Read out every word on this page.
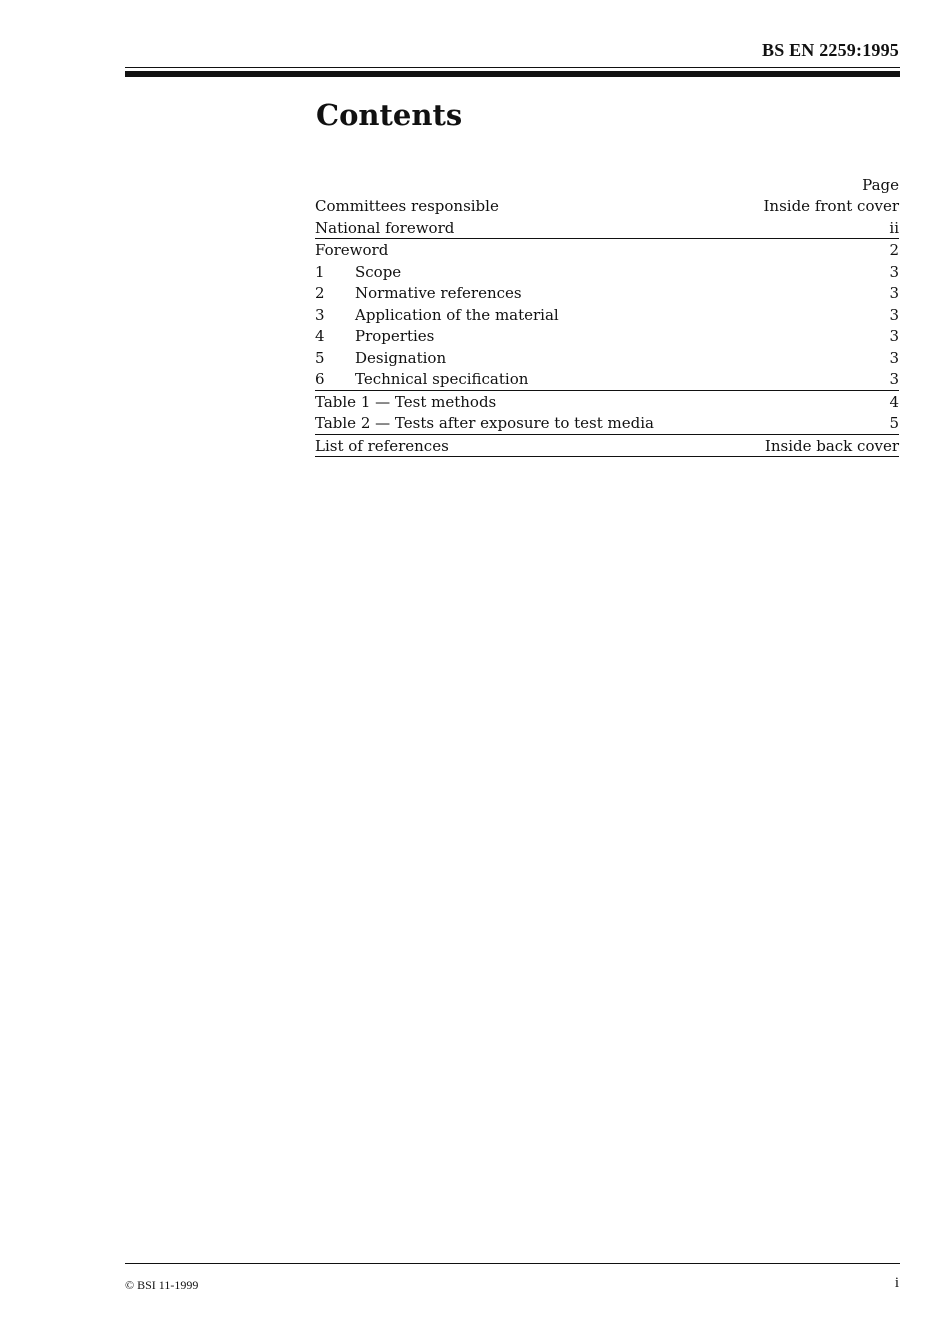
BS EN 2259:1995
Contents
Page
Committees responsible	Inside front cover
National foreword	ii
Foreword	2
1	Scope	3
2	Normative references	3
3	Application of the material	3
4	Properties	3
5	Designation	3
6	Technical specification	3
Table 1 — Test methods	4
Table 2 — Tests after exposure to test media	5
List of references	Inside back cover
© BSI 11-1999	i
